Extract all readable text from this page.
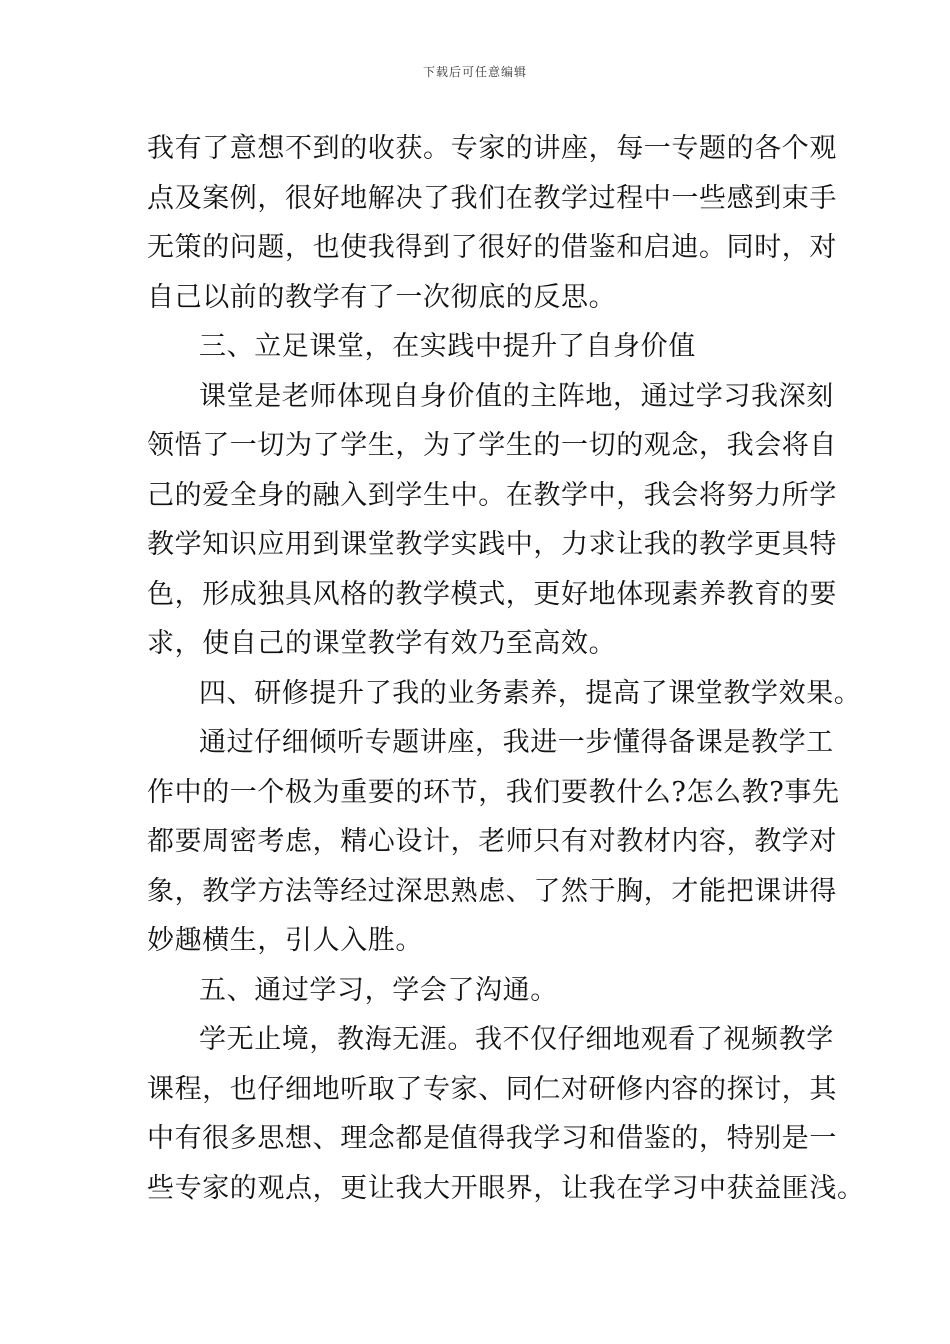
下载后可任意编辑
我有了意想不到的收获。专家的讲座，每一专题的各个观
点及案例，很好地解决了我们在教学过程中一些感到束手
无策的问题，也使我得到了很好的借鉴和启迪。同时，对
自己以前的教学有了一次彻底的反思。
三、立足课堂，在实践中提升了自身价值
课堂是老师体现自身价值的主阵地，通过学习我深刻
领悟了一切为了学生，为了学生的一切的观念，我会将自
己的爱全身的融入到学生中。在教学中，我会将努力所学
教学知识应用到课堂教学实践中，力求让我的教学更具特
色，形成独具风格的教学模式，更好地体现素养教育的要
求，使自己的课堂教学有效乃至高效。
四、研修提升了我的业务素养，提高了课堂教学效果。
通过仔细倾听专题讲座，我进一步懂得备课是教学工
作中的一个极为重要的环节，我们要教什么?怎么教?事先
都要周密考虑，精心设计，老师只有对教材内容，教学对
象，教学方法等经过深思熟虑、了然于胸，才能把课讲得
妙趣横生，引人入胜。
五、通过学习，学会了沟通。
学无止境，教海无涯。我不仅仔细地观看了视频教学
课程，也仔细地听取了专家、同仁对研修内容的探讨，其
中有很多思想、理念都是值得我学习和借鉴的，特别是一
些专家的观点，更让我大开眼界，让我在学习中获益匪浅。
